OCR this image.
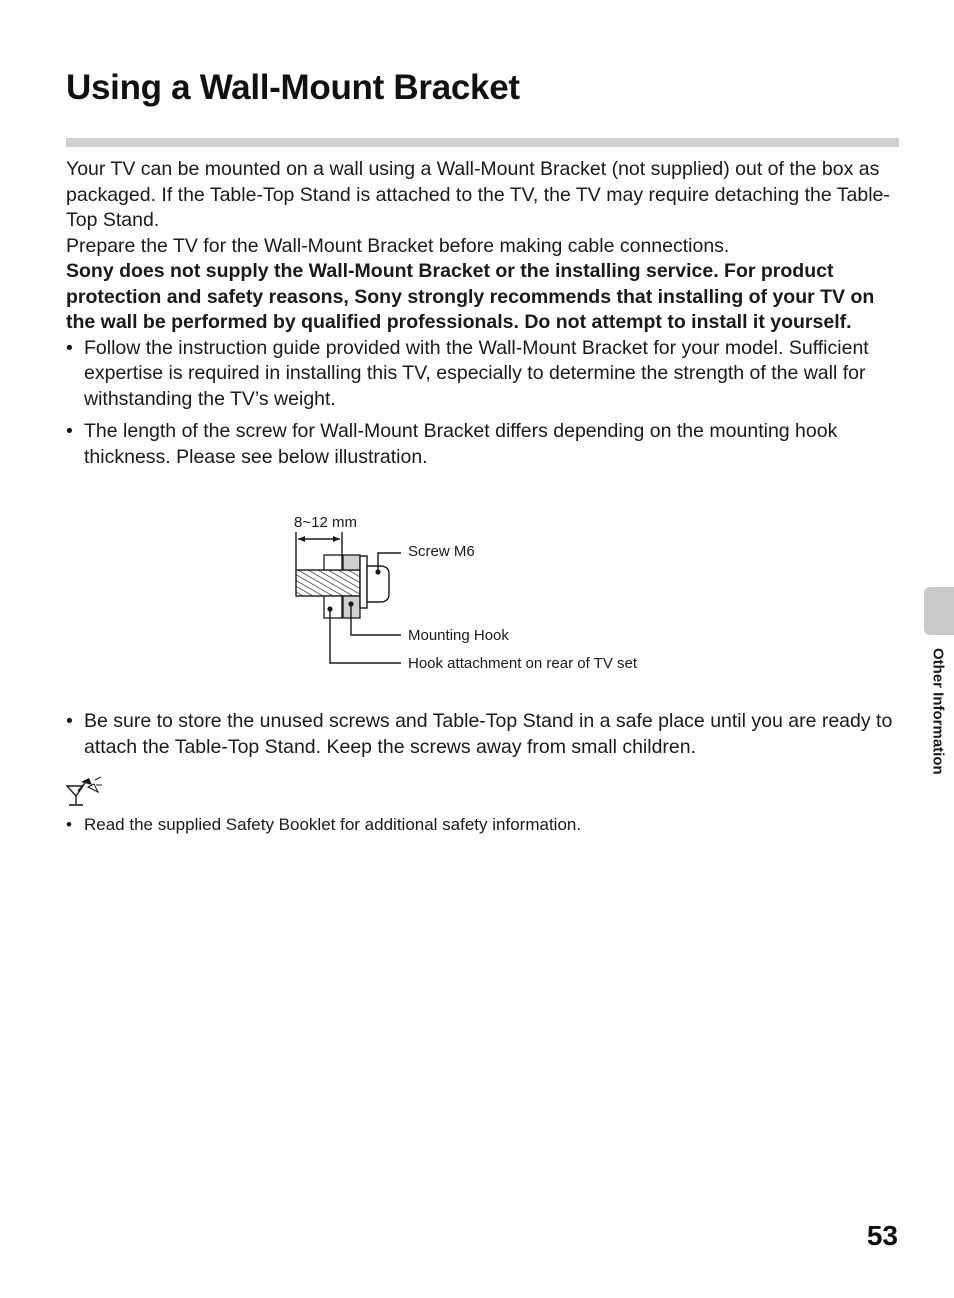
Using a Wall-Mount Bracket

Your TV can be mounted on a wall using a Wall-Mount Bracket (not supplied) out of the box as packaged. If the Table-Top Stand is attached to the TV, the TV may require detaching the Table-Top Stand.

Prepare the TV for the Wall-Mount Bracket before making cable connections.

Sony does not supply the Wall-Mount Bracket or the installing service. For product protection and safety reasons, Sony strongly recommends that installing of your TV on the wall be performed by qualified professionals. Do not attempt to install it yourself.

• Follow the instruction guide provided with the Wall-Mount Bracket for your model. Sufficient expertise is required in installing this TV, especially to determine the strength of the wall for withstanding the TV’s weight.
• The length of the screw for Wall-Mount Bracket differs depending on the mounting hook thickness. Please see below illustration.
8~12 mm
Screw M6
Mounting Hook
Hook attachment on rear of TV set
• Be sure to store the unused screws and Table-Top Stand in a safe place until you are ready to attach the Table-Top Stand. Keep the screws away from small children.
• Read the supplied Safety Booklet for additional safety information.
Other Information
53
